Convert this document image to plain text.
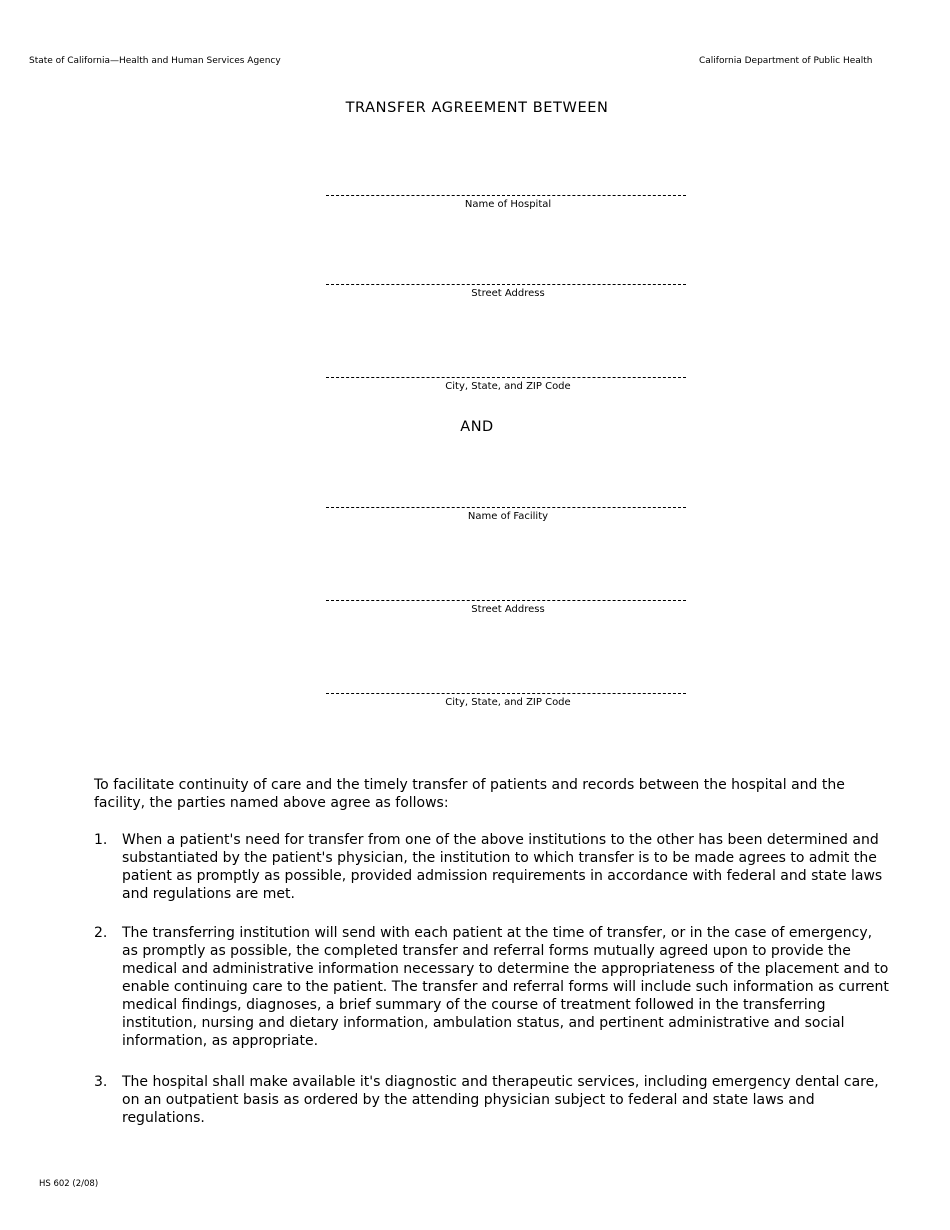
State of California—Health and Human Services Agency	California Department of Public Health
TRANSFER AGREEMENT BETWEEN
Name of Hospital
Street Address
City, State, and ZIP Code
AND
Name of Facility
Street Address
City, State, and ZIP Code
To facilitate continuity of care and the timely transfer of patients and records between the hospital and the facility, the parties named above agree as follows:
1.	When a patient's need for transfer from one of the above institutions to the other has been determined and substantiated by the patient's physician, the institution to which transfer is to be made agrees to admit the patient as promptly as possible, provided admission requirements in accordance with federal and state laws and regulations are met.
2.	The transferring institution will send with each patient at the time of transfer, or in the case of emergency, as promptly as possible, the completed transfer and referral forms mutually agreed upon to provide the medical and administrative information necessary to determine the appropriateness of the placement and to enable continuing care to the patient. The transfer and referral forms will include such information as current medical findings, diagnoses, a brief summary of the course of treatment followed in the transferring institution, nursing and dietary information, ambulation status, and pertinent administrative and social information, as appropriate.
3.	The hospital shall make available it's diagnostic and therapeutic services, including emergency dental care, on an outpatient basis as ordered by the attending physician subject to federal and state laws and regulations.
HS 602 (2/08)
